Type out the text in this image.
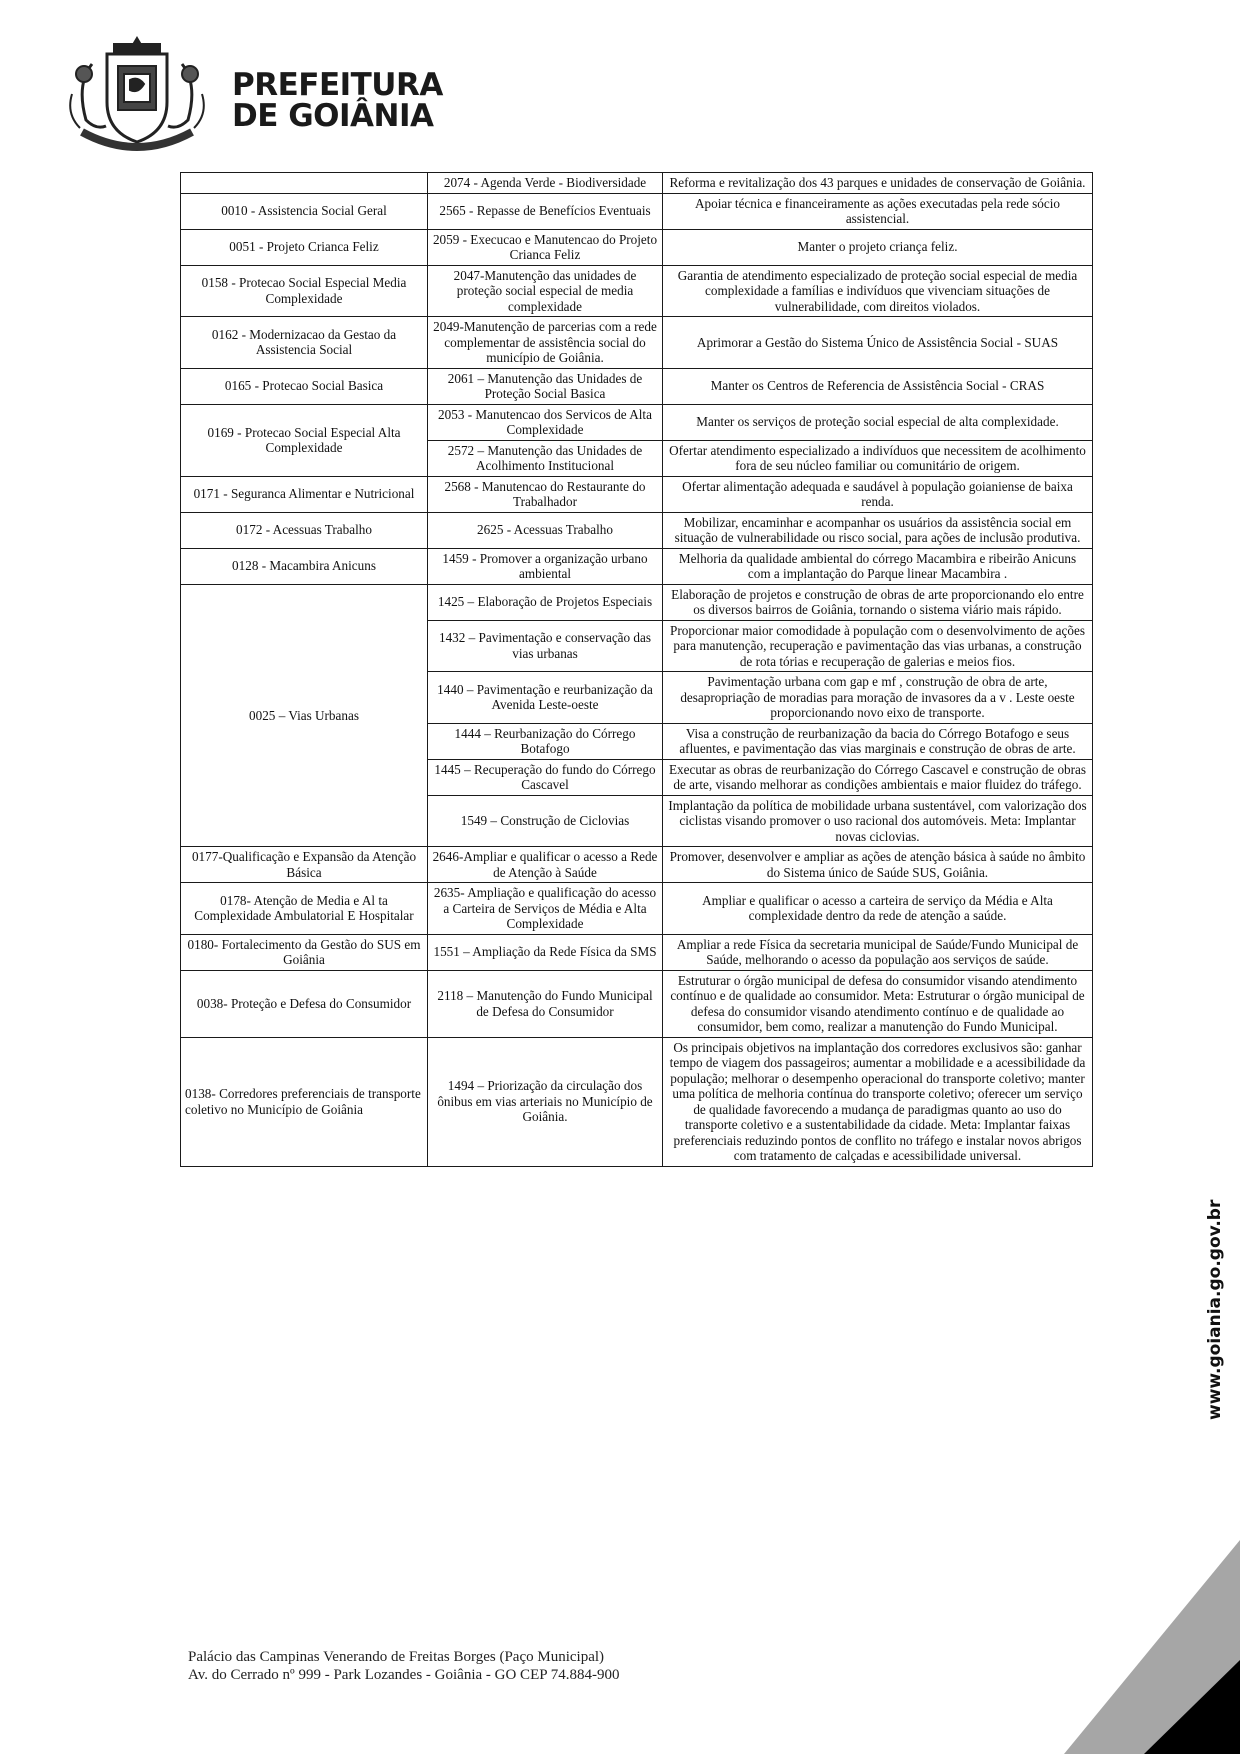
PREFEITURA
DE GOIÂNIA
	2074 - Agenda Verde - Biodiversidade	Reforma e revitalização dos 43 parques e unidades de conservação de Goiânia.
0010 - Assistencia Social Geral	2565 - Repasse de Benefícios Eventuais	Apoiar técnica e financeiramente as ações executadas pela rede sócio assistencial.
0051 - Projeto Crianca Feliz	2059 - Execucao e Manutencao do Projeto Crianca Feliz	Manter o projeto criança feliz.
0158 - Protecao Social Especial Media Complexidade	2047-Manutenção das unidades de proteção social especial de media complexidade	Garantia de atendimento especializado de proteção social especial de media complexidade a famílias e indivíduos que vivenciam situações de vulnerabilidade, com direitos violados.
0162 - Modernizacao da Gestao da Assistencia Social	2049-Manutenção de parcerias com a rede complementar de assistência social do município de Goiânia.	Aprimorar a Gestão do Sistema Único de Assistência Social - SUAS
0165 - Protecao Social Basica	2061 – Manutenção das Unidades de Proteção Social Basica	Manter os Centros de Referencia de Assistência Social - CRAS
0169 - Protecao Social Especial Alta Complexidade	2053 - Manutencao dos Servicos de Alta Complexidade	Manter os serviços de proteção social especial de alta complexidade.
	2572 – Manutenção das Unidades de Acolhimento Institucional	Ofertar atendimento especializado a indivíduos que necessitem de acolhimento fora de seu núcleo familiar ou comunitário de origem.
0171 - Seguranca Alimentar e Nutricional	2568 - Manutencao do Restaurante do Trabalhador	Ofertar alimentação adequada e saudável à população goianiense de baixa renda.
0172 - Acessuas Trabalho	2625 - Acessuas Trabalho	Mobilizar, encaminhar e acompanhar os usuários da assistência social em situação de vulnerabilidade ou risco social, para ações de inclusão produtiva.
0128 - Macambira Anicuns	1459 - Promover a organização urbano ambiental	Melhoria da qualidade ambiental do córrego Macambira e ribeirão Anicuns com a implantação do Parque linear Macambira .
0025 – Vias Urbanas	1425 – Elaboração de Projetos Especiais	Elaboração de projetos e construção de obras de arte proporcionando elo entre os diversos bairros de Goiânia, tornando o sistema viário mais rápido.
	1432 – Pavimentação e conservação das vias urbanas	Proporcionar maior comodidade à população com o desenvolvimento de ações para manutenção, recuperação e pavimentação das vias urbanas, a construção de rota tórias e recuperação de galerias e meios fios.
	1440 – Pavimentação e reurbanização da Avenida Leste-oeste	Pavimentação urbana com gap e mf , construção de obra de arte, desapropriação de moradias para moração de invasores da a v . Leste oeste proporcionando novo eixo de transporte.
	1444 – Reurbanização do Córrego Botafogo	Visa a construção de reurbanização da bacia do Córrego Botafogo e seus afluentes, e pavimentação das vias marginais e construção de obras de arte.
	1445 – Recuperação do fundo do Córrego Cascavel	Executar as obras de reurbanização do Córrego Cascavel e construção de obras de arte, visando melhorar as condições ambientais e maior fluidez do tráfego.
	1549 – Construção de Ciclovias	Implantação da política de mobilidade urbana sustentável, com valorização dos ciclistas visando promover o uso racional dos automóveis. Meta: Implantar novas ciclovias.
0177-Qualificação e Expansão da Atenção Básica	2646-Ampliar e qualificar o acesso a Rede de Atenção à Saúde	Promover, desenvolver e ampliar as ações de atenção básica à saúde no âmbito do Sistema único de Saúde SUS, Goiânia.
0178- Atenção de Media e Al ta Complexidade Ambulatorial E Hospitalar	2635- Ampliação e qualificação do acesso a Carteira de Serviços de Média e Alta Complexidade	Ampliar e qualificar o acesso a carteira de serviço da Média e Alta complexidade dentro da rede de atenção a saúde.
0180- Fortalecimento da Gestão do SUS em Goiânia	1551 – Ampliação da Rede Física da SMS	Ampliar a rede Física da secretaria municipal de Saúde/Fundo Municipal de Saúde, melhorando o acesso da população aos serviços de saúde.
0038- Proteção e Defesa do Consumidor	2118 – Manutenção do Fundo Municipal de Defesa do Consumidor	Estruturar o órgão municipal de defesa do consumidor visando atendimento contínuo e de qualidade ao consumidor. Meta: Estruturar o órgão municipal de defesa do consumidor visando atendimento contínuo e de qualidade ao consumidor, bem como, realizar a manutenção do Fundo Municipal.
0138- Corredores preferenciais de transporte coletivo no Município de Goiânia	1494 – Priorização da circulação dos ônibus em vias arteriais no Município de Goiânia.	Os principais objetivos na implantação dos corredores exclusivos são: ganhar tempo de viagem dos passageiros; aumentar a mobilidade e a acessibilidade da população; melhorar o desempenho operacional do transporte coletivo; manter uma política de melhoria contínua do transporte coletivo; oferecer um serviço de qualidade favorecendo a mudança de paradigmas quanto ao uso do transporte coletivo e a sustentabilidade da cidade. Meta: Implantar faixas preferenciais reduzindo pontos de conflito no tráfego e instalar novos abrigos com tratamento de calçadas e acessibilidade universal.
Palácio das Campinas Venerando de Freitas Borges (Paço Municipal)
Av. do Cerrado nº 999 - Park Lozandes - Goiânia - GO CEP 74.884-900
www.goiania.go.gov.br
